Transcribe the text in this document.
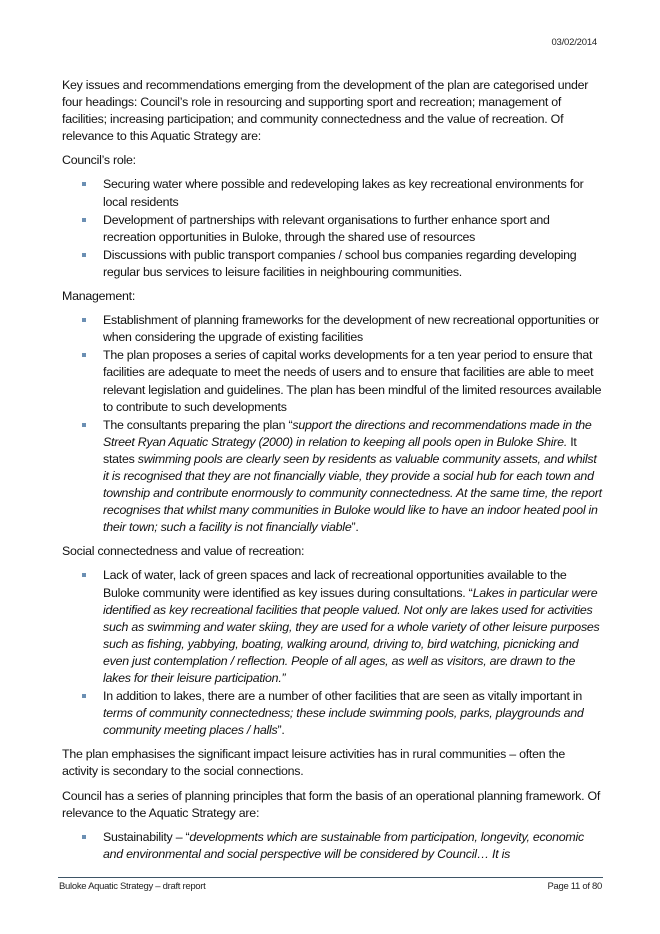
03/02/2014

Key issues and recommendations emerging from the development of the plan are categorised under four headings: Council’s role in resourcing and supporting sport and recreation; management of facilities; increasing participation; and community connectedness and the value of recreation. Of relevance to this Aquatic Strategy are:

Council’s role:

Securing water where possible and redeveloping lakes as key recreational environments for local residents
Development of partnerships with relevant organisations to further enhance sport and recreation opportunities in Buloke, through the shared use of resources
Discussions with public transport companies / school bus companies regarding developing regular bus services to leisure facilities in neighbouring communities.

Management:

Establishment of planning frameworks for the development of new recreational opportunities or when considering the upgrade of existing facilities
The plan proposes a series of capital works developments for a ten year period to ensure that facilities are adequate to meet the needs of users and to ensure that facilities are able to meet relevant legislation and guidelines. The plan has been mindful of the limited resources available to contribute to such developments
The consultants preparing the plan “support the directions and recommendations made in the Street Ryan Aquatic Strategy (2000) in relation to keeping all pools open in Buloke Shire. It states swimming pools are clearly seen by residents as valuable community assets, and whilst it is recognised that they are not financially viable, they provide a social hub for each town and township and contribute enormously to community connectedness. At the same time, the report recognises that whilst many communities in Buloke would like to have an indoor heated pool in their town; such a facility is not financially viable”.

Social connectedness and value of recreation:

Lack of water, lack of green spaces and lack of recreational opportunities available to the Buloke community were identified as key issues during consultations. “Lakes in particular were identified as key recreational facilities that people valued. Not only are lakes used for activities such as swimming and water skiing, they are used for a whole variety of other leisure purposes such as fishing, yabbying, boating, walking around, driving to, bird watching, picnicking and even just contemplation / reflection. People of all ages, as well as visitors, are drawn to the lakes for their leisure participation.”
In addition to lakes, there are a number of other facilities that are seen as vitally important in terms of community connectedness; these include swimming pools, parks, playgrounds and community meeting places / halls”.

The plan emphasises the significant impact leisure activities has in rural communities – often the activity is secondary to the social connections.

Council has a series of planning principles that form the basis of an operational planning framework. Of relevance to the Aquatic Strategy are:

Sustainability – “developments which are sustainable from participation, longevity, economic and environmental and social perspective will be considered by Council… It is
Buloke Aquatic Strategy – draft report	Page 11 of 80
